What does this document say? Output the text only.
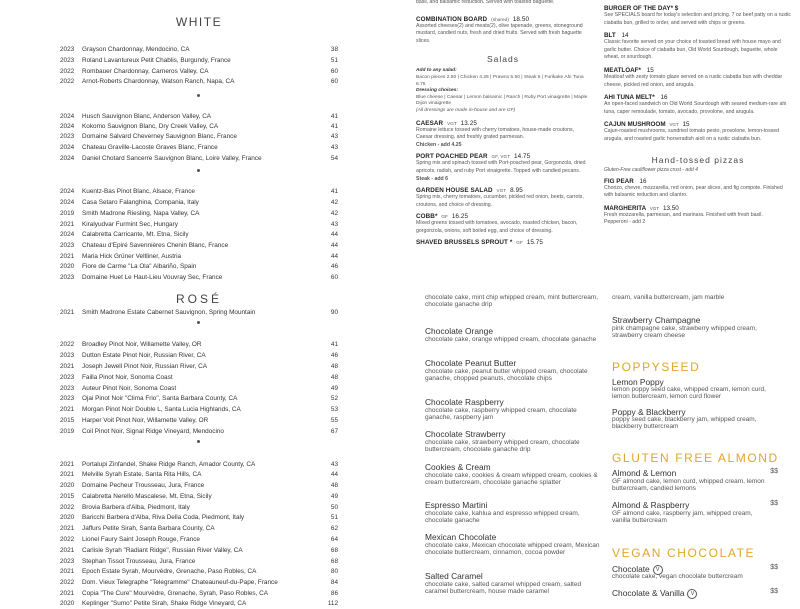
WHITE
ROSÉ
2023 Grayson Chardonnay, Mendocino, CA	38
2023 Roland Lavantureux Petit Chablis, Burgundy, France	51
2022 Rombauer Chardonnay, Carneros Valley, CA	60
2022 Arnot-Roberts Chardonnay, Watson Ranch, Napa, CA	60
2024 Husch Sauvignon Blanc, Anderson Valley, CA	41
2024 Kokomo Sauvignon Blanc, Dry Creek Valley, CA	41
2023 Domaine Salvard Cheverney Sauvignon Blanc, France	43
2024 Chateau Graville-Lacoste Graves Blanc, France	43
2024 Daniel Chotard Sancerre Sauvignon Blanc, Loire Valley, France	54
2024 Kuentz-Bas Pinot Blanc, Alsace, France	41
2024 Casa Setaro Falanghina, Compania, Italy	42
2019 Smith Madrone Riesling, Napa Valley, CA	42
2021 Kiralyudvar Furmint Sec, Hungary	43
2024 Calabretta Carricante, Mt. Etna, Sicily	44
2023 Chateau d'Epiré Savennières Chenin Blanc, France	44
2021 Maria Hick Grüner Veltliner, Austria	44
2020 Fiore de Carme "La Ola" Albariño, Spain	46
2023 Domaine Huet Le Haut-Lieu Vouvray Sec, France	60
2021 Smith Madrone Estate Cabernet Sauvignon, Spring Mountain	90
2022 Broadley Pinot Noir, Willamette Valley, OR	41
2023 Dutton Estate Pinot Noir, Russian River, CA	46
2021 Joseph Jewell Pinot Noir, Russian River, CA	48
2023 Failla Pinot Noir, Sonoma Coast	48
2023 Auteur Pinot Noir, Sonoma Coast	49
2023 Ojai Pinot Noir "Clima Frio", Santa Barbara County, CA	52
2021 Morgan Pinot Noir Double L, Santa Lucia Highlands, CA	53
2015 Harper Voit Pinot Noir, Willamette Valley, OR	55
2019 Coil Pinot Noir, Signal Ridge Vineyard, Mendocino	67
2021 Portalupi Zinfandel, Shake Ridge Ranch, Amador County, CA	43
2021 Melville Syrah Estate, Santa Rita Hills, CA	44
2020 Domaine Pecheur Trousseau, Jura, France	48
2015 Calabretta Nerello Mascalese, Mt. Etna, Sicily	49
2022 Brovia Barbera d'Alba, Piedmont, Italy	50
2020 Baricchi Barbera d'Alba, Riva Della Coda, Piedmont, Italy	51
2021 Jaffurs Petite Sirah, Santa Barbara County, CA	62
2022 Lionel Faury Saint Joseph Rouge, France	64
2021 Carlisle Syrah "Radiant Ridge", Russian River Valley, CA	68
2023 Stephan Tissot Trousseau, Jura, France	68
2021 Epoch Estate Syrah, Mourvèdre, Grenache, Paso Robles, CA	80
2022 Dom. Vieux Telegraphe "Telegramme" Chateauneuf-du-Pape, France	84
2021 Copia "The Cure" Mourvèdre, Grenache, Syrah, Paso Robles, CA	86
2020 Keplinger "Sumo" Petite Sirah, Shake Ridge Vineyard, CA	112
basil, and balsamic reduction. Served with toasted baguette.
COMBINATION BOARD (shared) 18.50
Assorted cheeses(2) and meats(2), olive tapenade, greens, stoneground mustard, candied nuts, fresh and dried fruits. Served with fresh baguette slices.
Salads
Add to any salad:
Bacon pieces 2.50 | Chicken 4.25 | Prawns 5.50 | Steak 6 | Furikake Ahi Tuna 6.75
Dressing choices:
Blue cheese | Caesar | Lemon balsamic | Ranch | Ruby Port vinaigrette | Maple Dijon vinaigrette
(All dressings are made in-house and are GF)
CAESAR VGT 13.25
Romaine lettuce tossed with cherry tomatoes, house-made croutons, Caesar dressing, and freshly grated parmesan.
Chicken - add 4.25
PORT POACHED PEAR GF, VGT 14.75
Spring mix and spinach tossed with Port-poached pear, Gorgonzola, dried apricots, radish, and ruby Port vinaigrette. Topped with candied pecans.
Steak - add 6
GARDEN HOUSE SALAD VGT 8.95
Spring mix, cherry tomatoes, cucumber, pickled red onion, beets, carrots, croutons, and choice of dressing.
COBB* GF 16.25
Mixed greens tossed with tomatoes, avocado, roasted chicken, bacon, gorgonzola, onions, soft boiled egg, and choice of dressing.
SHAVED BRUSSELS SPROUT * GF 15.75
chocolate cake, mint chip whipped cream, mint buttercream, chocolate ganache drip
Chocolate Orange
chocolate cake, orange whipped cream, chocolate ganache
Chocolate Peanut Butter
chocolate cake, peanut butter whipped cream, chocolate ganache, chopped peanuts, chocolate chips
Chocolate Raspberry
chocolate cake, raspberry whipped cream, chocolate ganache, raspberry jam
Chocolate Strawberry
chocolate cake, strawberry whipped cream, chocolate buttercream, chocolate ganache drip
Cookies & Cream
chocolate cake, cookies & cream whipped cream, cookies & cream buttercream, chocolate ganache splatter
Espresso Martini
chocolate cake, kahlua and espresso whipped cream, chocolate ganache
Mexican Chocolate
chocolate cake, Mexican chocolate whipped cream, Mexican chocolate buttercream, cinnamon, cocoa powder
Salted Caramel
chocolate cake, salted caramel whipped cream, salted caramel buttercream, house made caramel
BURGER OF THE DAY* $
See SPECIALS board for today's selection and pricing. 7 oz beef patty on a rustic ciabatta bun, grilled to order, and served with chips or greens.
BLT 14
Classic favorite served on your choice of toasted bread with house mayo and garlic butter. Choice of ciabatta bun, Old World Sourdough, baguette, whole wheat, or sourdough.
MEATLOAF* 15
Meatloaf with zesty tomato glaze served on a rustic ciabatta bun with cheddar cheese, pickled red onion, and arugula.
AHI TUNA MELT* 16
An open-faced sandwich on Old World Sourdough with seared medium-rare ahi tuna, caper remoulade, tomato, avocado, provolone, and arugula.
CAJUN MUSHROOM VGT 15
Cajun-roasted mushrooms, sundried tomato pesto, provolone, lemon-tossed arugula, and roasted garlic horseradish aioli on a rustic ciabatta bun.
Hand-tossed pizzas
Gluten-Free cauliflower pizza crust - add 4
FIG PEAR 16
Chorizo, chevre, mozzarella, red onion, pear slices, and fig compote. Finished with balsamic reduction and cilantro.
MARGHERITA VGT 13.50
Fresh mozzarella, parmesan, and marinara. Finished with fresh basil.
Pepperoni - add 2
cream, vanilla buttercream, jam marble
Strawberry Champagne
pink champagne cake, strawberry whipped cream, strawberry cream cheese
POPPYSEED
Lemon Poppy
lemon poppy seed cake, whipped cream, lemon curd, lemon buttercream, lemon curd flower
Poppy & Blackberry
poppy seed cake, blackberry jam, whipped cream, blackberry buttercream
GLUTEN FREE ALMOND
Almond & Lemon	$$
GF almond cake, lemon curd, whipped cream, lemon buttercream, candied lemons
Almond & Raspberry	$$
GF almond cake, raspberry jam, whipped cream, vanilla buttercream
VEGAN CHOCOLATE
Chocolate V	$$
chocolate cake, vegan chocolate buttercream
Chocolate & Vanilla V	$$
